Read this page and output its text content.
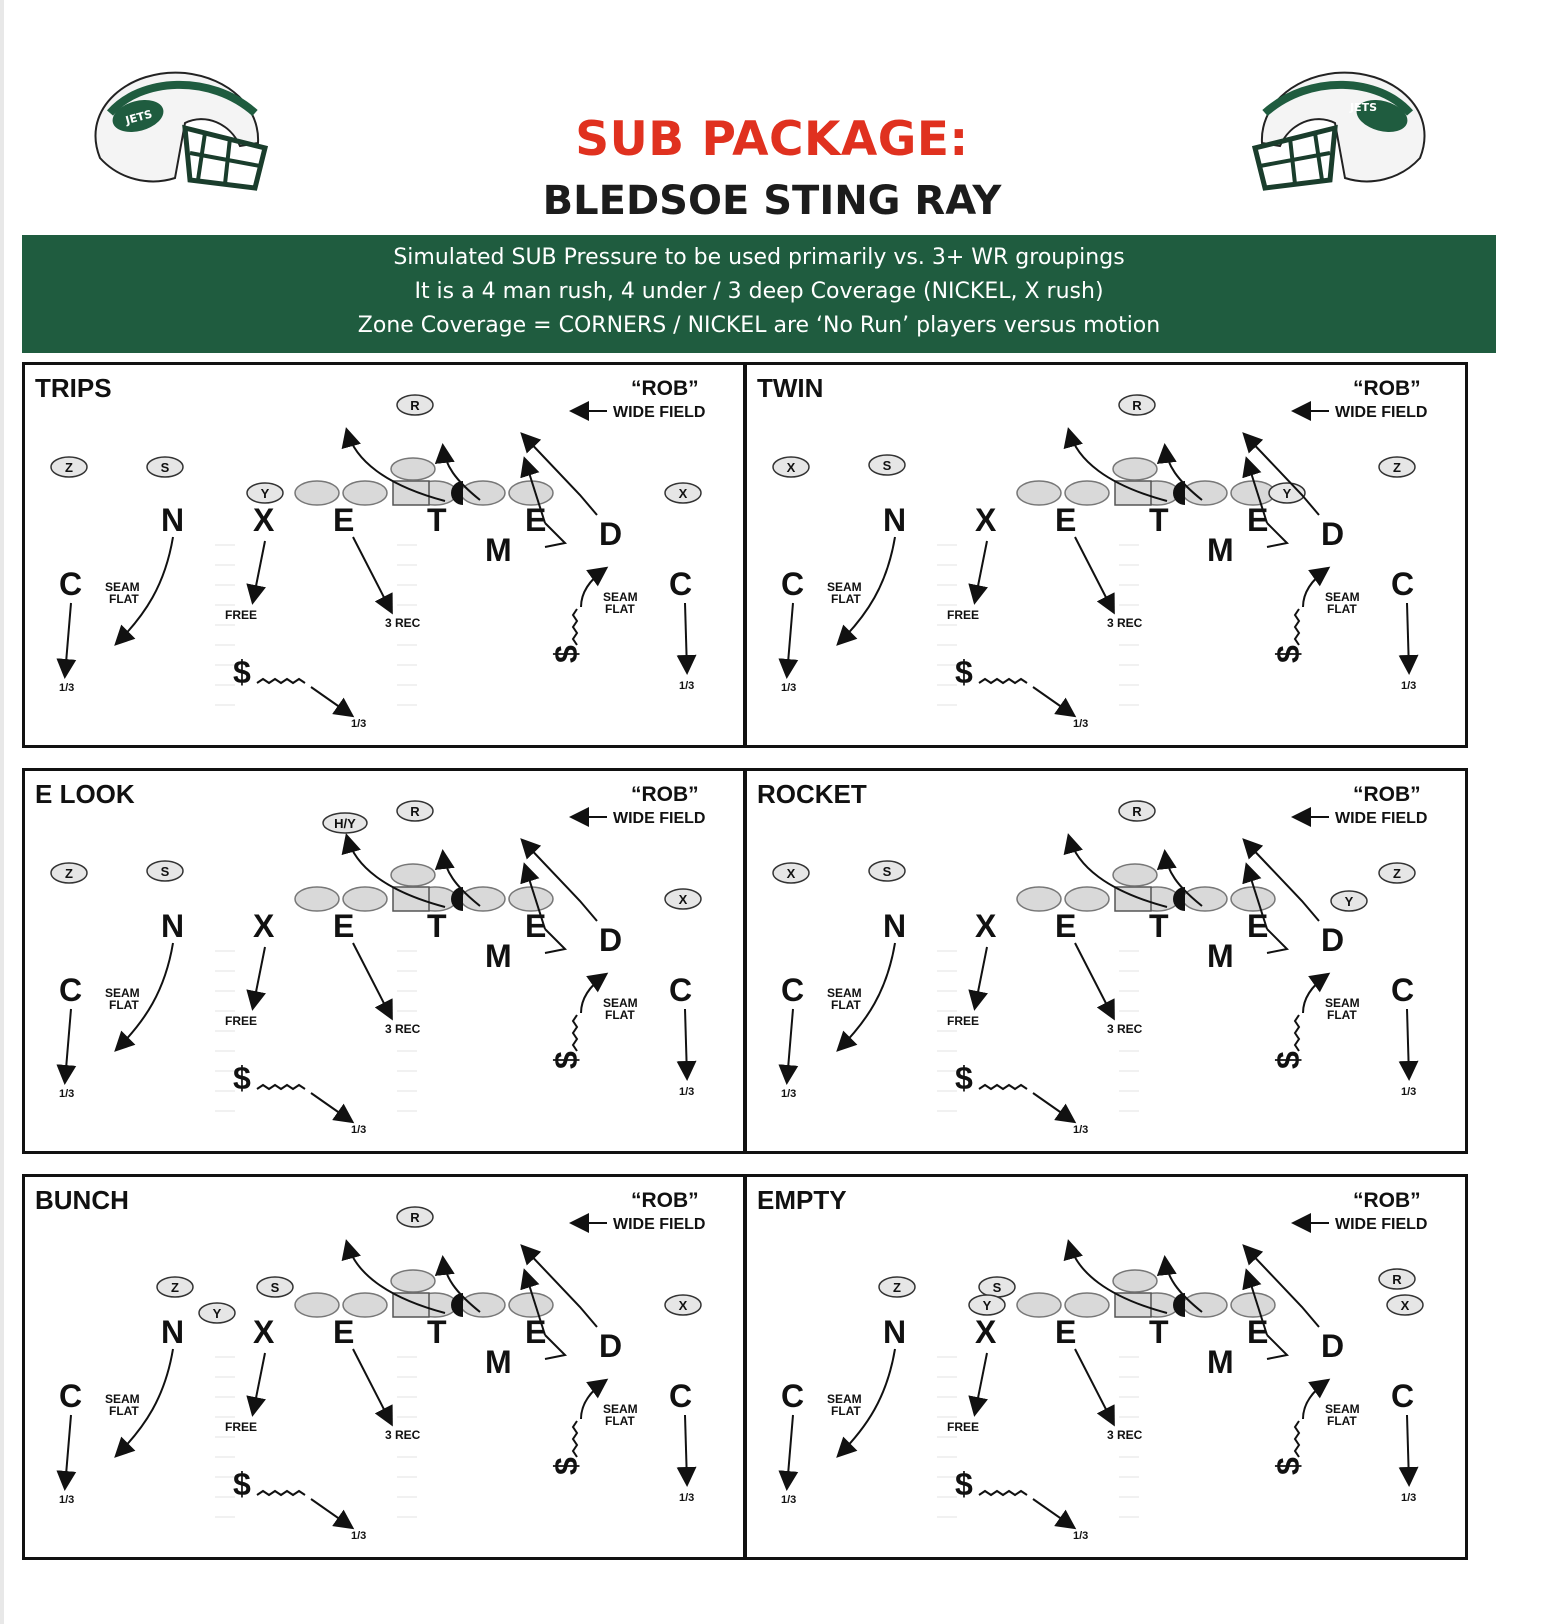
JETS
JETS
SUB PACKAGE:
BLEDSOE STING RAY
Simulated SUB Pressure to be used primarily vs. 3+ WR groupings
It is a 4 man rush, 4 under / 3 deep Coverage (NICKEL, X rush)
Zone Coverage = CORNERS / NICKEL are ‘No Run’ players versus motion
TRIPS	“ROB”
WIDE FIELD
R
Z	S
Y	X
N X E T E
M	D
C	C
$	$
SEAM
FLAT
FREE
3 REC
1/3	1/3
1/3
SEAM
FLAT
TWIN	“ROB”
WIDE FIELD
R
X	S
Y
Z
N X E T E
M	D
C	C
$	$
SEAM
FLAT
FREE
3 REC
1/3	1/3
1/3
SEAM
FLAT
E LOOK	“ROB”
WIDE FIELD
H/Y
R
Z	S
X
N X E T E
M	D
C	C
$	$
SEAM
FLAT
FREE
3 REC
1/3	1/3
1/3
SEAM
FLAT
ROCKET	“ROB”
WIDE FIELD
R
X	S
Y
Z
N X E T E
M	D
C	C
$	$
SEAM
FLAT
FREE
3 REC
1/3	1/3
1/3
SEAM
FLAT
BUNCH	“ROB”
WIDE FIELD
R
Z	S
Y
X
N X E T E
M	D
C	C
$	$
SEAM
FLAT
FREE
3 REC
1/3	1/3
1/3
SEAM
FLAT
EMPTY	“ROB”
WIDE FIELD
Z	S
Y
R
X
N X E T E
M	D
C	C
$	$
SEAM
FLAT
FREE
3 REC
1/3	1/3
1/3
SEAM
FLAT
